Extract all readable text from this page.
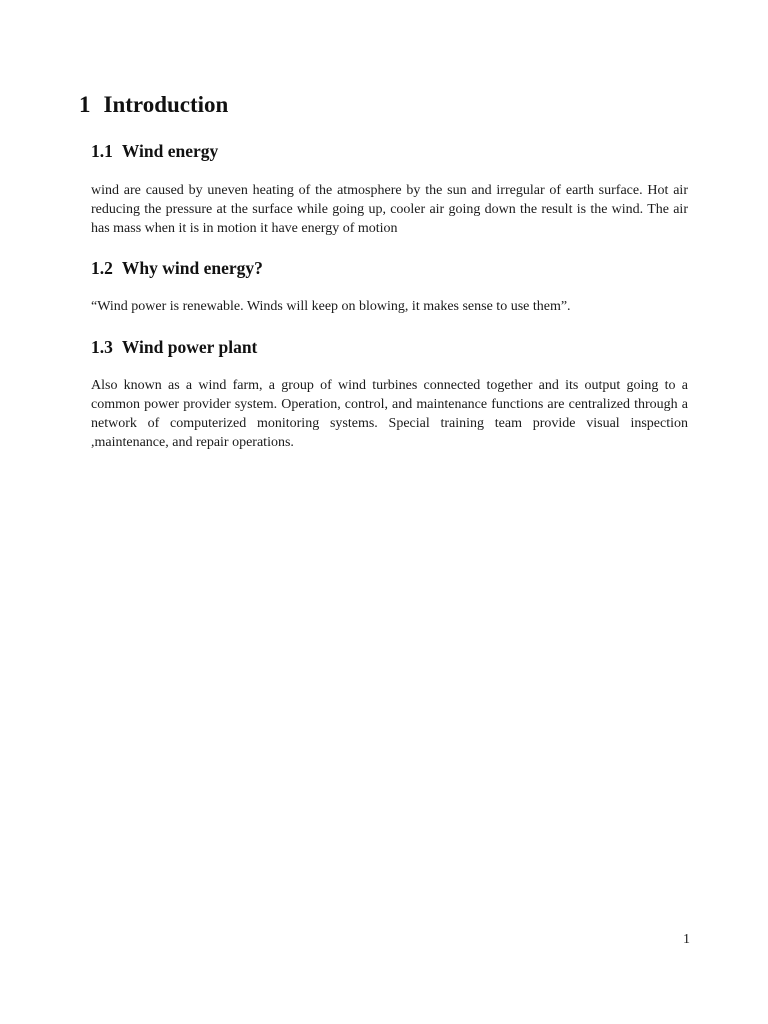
1 Introduction
1.1 Wind energy

wind are caused by uneven heating of the atmosphere by the sun and irregular of earth surface. Hot air reducing the pressure at the surface while going up, cooler air going down the result is the wind. The air has mass when it is in motion it have energy of motion

1.2 Why wind energy?

“Wind power is renewable. Winds will keep on blowing, it makes sense to use them”.

1.3 Wind power plant

Also known as a wind farm, a group of wind turbines connected together and its output going to a common power provider system. Operation, control, and maintenance functions are centralized through a network of computerized monitoring systems. Special training team provide visual inspection ,maintenance, and repair operations.

1
